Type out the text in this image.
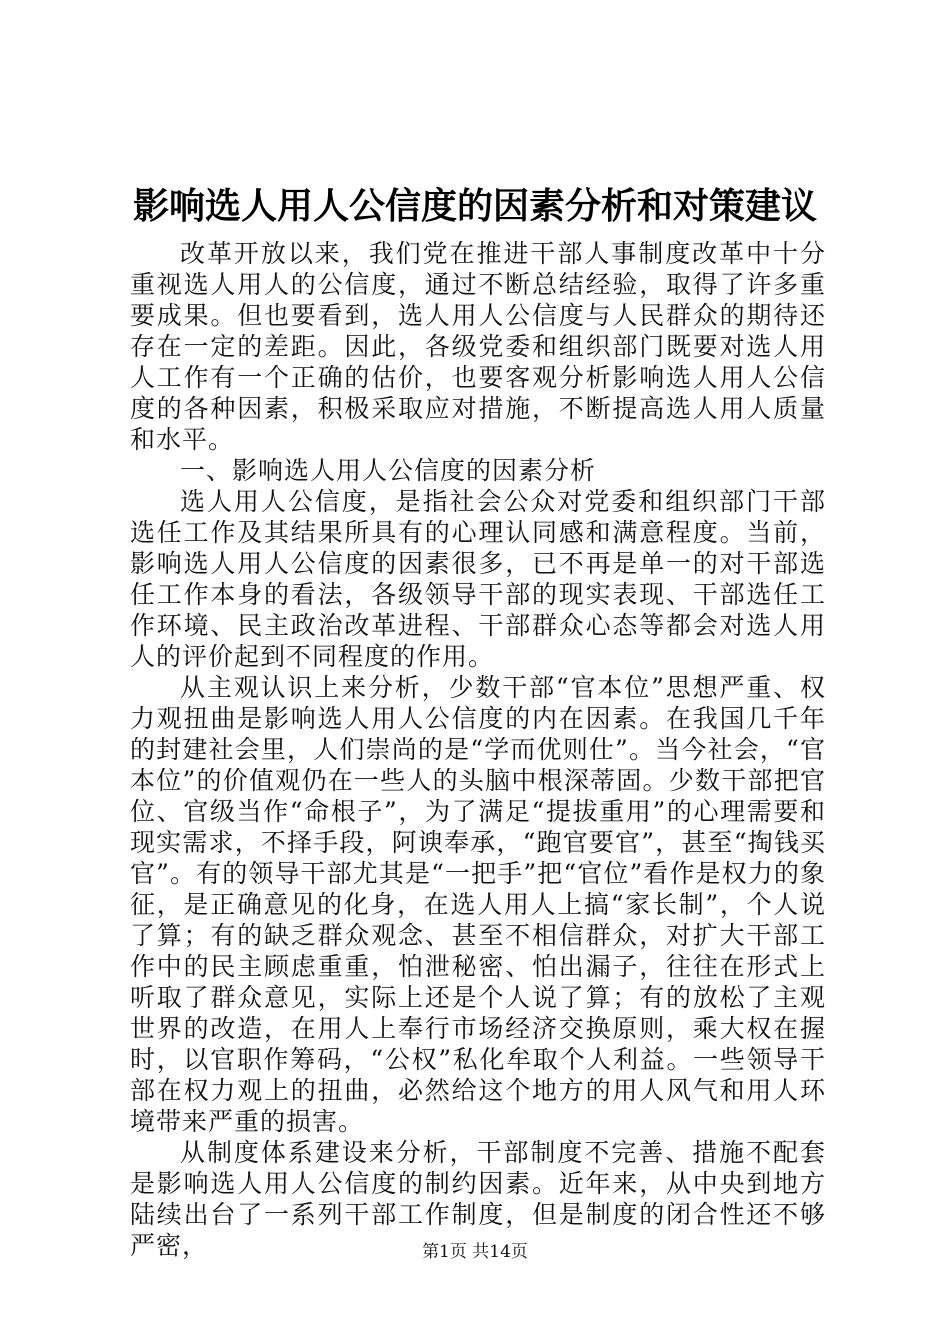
影响选人用人公信度的因素分析和对策建议

改革开放以来，我们党在推进干部人事制度改革中十分重视选人用人的公信度，通过不断总结经验，取得了许多重要成果。但也要看到，选人用人公信度与人民群众的期待还存在一定的差距。因此，各级党委和组织部门既要对选人用人工作有一个正确的估价，也要客观分析影响选人用人公信度的各种因素，积极采取应对措施，不断提高选人用人质量和水平。

一、影响选人用人公信度的因素分析

选人用人公信度，是指社会公众对党委和组织部门干部选任工作及其结果所具有的心理认同感和满意程度。当前，影响选人用人公信度的因素很多，已不再是单一的对干部选任工作本身的看法，各级领导干部的现实表现、干部选任工作环境、民主政治改革进程、干部群众心态等都会对选人用人的评价起到不同程度的作用。

从主观认识上来分析，少数干部“官本位”思想严重、权力观扭曲是影响选人用人公信度的内在因素。在我国几千年的封建社会里，人们崇尚的是“学而优则仕”。当今社会，“官本位”的价值观仍在一些人的头脑中根深蒂固。少数干部把官位、官级当作“命根子”，为了满足“提拔重用”的心理需要和现实需求，不择手段，阿谀奉承，“跑官要官”，甚至“掏钱买官”。有的领导干部尤其是“一把手”把“官位”看作是权力的象征，是正确意见的化身，在选人用人上搞“家长制”，个人说了算；有的缺乏群众观念、甚至不相信群众，对扩大干部工作中的民主顾虑重重，怕泄秘密、怕出漏子，往往在形式上听取了群众意见，实际上还是个人说了算；有的放松了主观世界的改造，在用人上奉行市场经济交换原则，乘大权在握时，以官职作筹码，“公权”私化牟取个人利益。一些领导干部在权力观上的扭曲，必然给这个地方的用人风气和用人环境带来严重的损害。

从制度体系建设来分析，干部制度不完善、措施不配套是影响选人用人公信度的制约因素。近年来，从中央到地方陆续出台了一系列干部工作制度，但是制度的闭合性还不够严密，	第1页 共14页
